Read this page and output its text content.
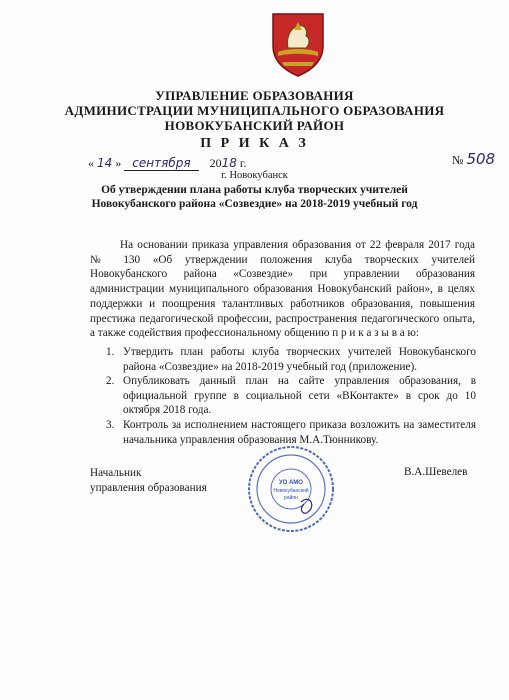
УПРАВЛЕНИЕ ОБРАЗОВАНИЯ
АДМИНИСТРАЦИИ МУНИЦИПАЛЬНОГО ОБРАЗОВАНИЯ
НОВОКУБАНСКИЙ РАЙОН
П Р И К А З
« 14 » сентября 2018 г.	№ 508
г. Новокубанск
Об утверждении плана работы клуба творческих учителей
Новокубанского района «Созвездие» на 2018-2019 учебный год

На основании приказа управления образования от 22 февраля 2017 года № 130 «Об утверждении положения клуба творческих учителей Новокубанского района «Созвездие» при управлении образования администрации муниципального образования Новокубанский район», в целях поддержки и поощрения талантливых работников образования, повышения престижа педагогической профессии, распространения педагогического опыта, а также содействия профессиональному общению п р и к а з ы в а ю:

1. Утвердить план работы клуба творческих учителей Новокубанского района «Созвездие» на 2018-2019 учебный год (приложение).
2. Опубликовать данный план на сайте управления образования, в официальной группе в социальной сети «ВКонтакте» в срок до 10 октября 2018 года.
3. Контроль за исполнением настоящего приказа возложить на заместителя начальника управления образования М.А.Тюнникову.
Начальник
управления образования	УО АМО
Новокубанский
район
В.А.Шевелев
